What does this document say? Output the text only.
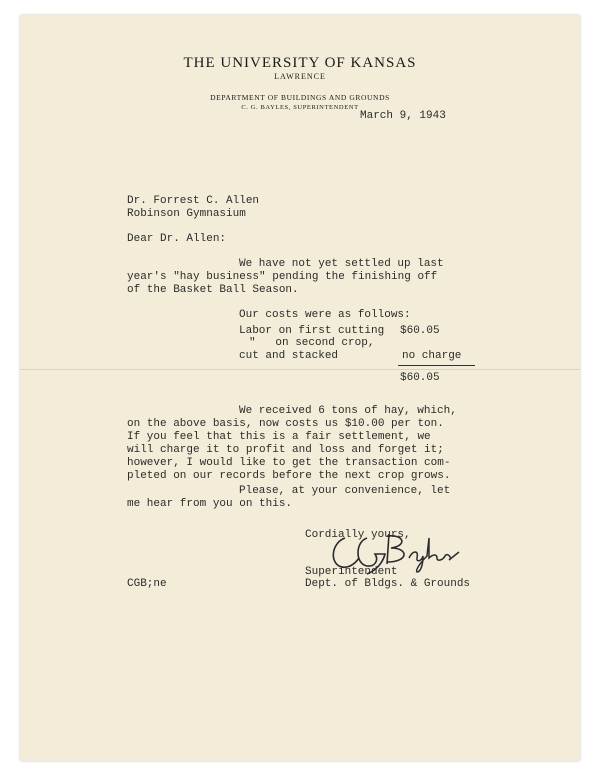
THE UNIVERSITY OF KANSAS
LAWRENCE
DEPARTMENT OF BUILDINGS AND GROUNDS
C. G. BAYLES, SUPERINTENDENT
March 9, 1943
Dr. Forrest C. Allen
Robinson Gymnasium
Dear Dr. Allen:
We have not yet settled up last
year's "hay business" pending the finishing off
of the Basket Ball Season.
Our costs were as follows:
Labor on first cutting $60.05
"   on second crop,
cut and stacked	no charge
$60.05
We received 6 tons of hay, which,
on the above basis, now costs us $10.00 per ton.
If you feel that this is a fair settlement, we
will charge it to profit and loss and forget it;
however, I would like to get the transaction com-
pleted on our records before the next crop grows.
Please, at your convenience, let
me hear from you on this.
Cordially yours,
Superintendent
Dept. of Bldgs. & Grounds
CGB;ne
